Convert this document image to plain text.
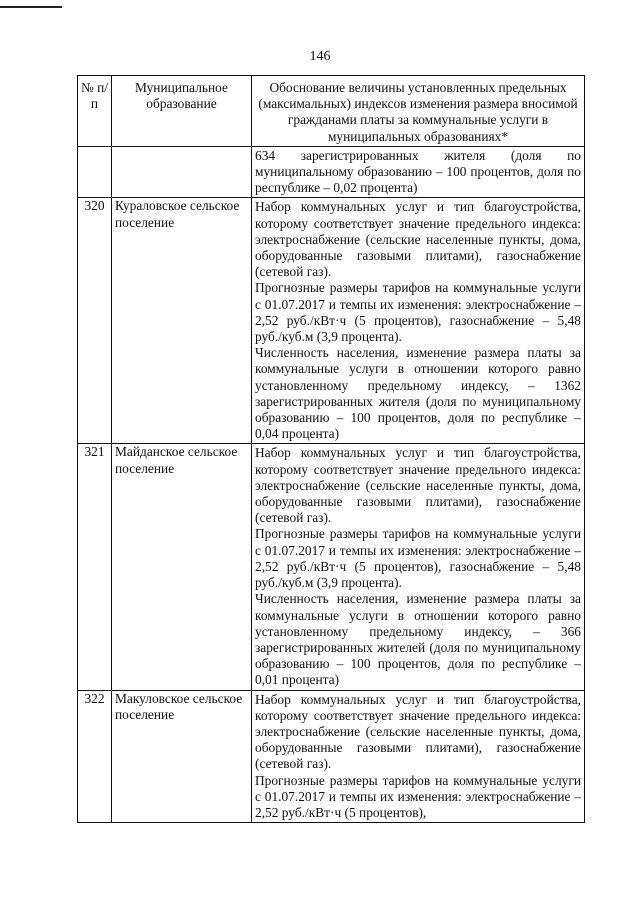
146
№ п/п	Муниципальное образование	Обоснование величины установленных предельных (максимальных) индексов изменения размера вносимой гражданами платы за коммунальные услуги в муниципальных образованиях*

		634 зарегистрированных жителя (доля по муниципальному образованию – 100 процентов, доля по республике – 0,02 процента)

320	Кураловское сельское поселение	Набор коммунальных услуг и тип благоустройства, которому соответствует значение предельного индекса: электроснабжение (сельские населенные пункты, дома, оборудованные газовыми плитами), газоснабжение (сетевой газ).

Прогнозные размеры тарифов на коммунальные услуги с 01.07.2017 и темпы их изменения: электроснабжение – 2,52 руб./кВт·ч (5 процентов), газоснабжение – 5,48 руб./куб.м (3,9 процента).

Численность населения, изменение размера платы за коммунальные услуги в отношении которого равно установленному предельному индексу, – 1362 зарегистрированных жителя (доля по муниципальному образованию – 100 процентов, доля по республике – 0,04 процента)

321	Майданское сельское поселение	Набор коммунальных услуг и тип благоустройства, которому соответствует значение предельного индекса: электроснабжение (сельские населенные пункты, дома, оборудованные газовыми плитами), газоснабжение (сетевой газ).

Прогнозные размеры тарифов на коммунальные услуги с 01.07.2017 и темпы их изменения: электроснабжение – 2,52 руб./кВт·ч (5 процентов), газоснабжение – 5,48 руб./куб.м (3,9 процента).

Численность населения, изменение размера платы за коммунальные услуги в отношении которого равно установленному предельному индексу, – 366 зарегистрированных жителей (доля по муниципальному образованию – 100 процентов, доля по республике – 0,01 процента)

322	Макуловское сельское поселение	Набор коммунальных услуг и тип благоустройства, которому соответствует значение предельного индекса: электроснабжение (сельские населенные пункты, дома, оборудованные газовыми плитами), газоснабжение (сетевой газ).

Прогнозные размеры тарифов на коммунальные услуги с 01.07.2017 и темпы их изменения: электроснабжение – 2,52 руб./кВт·ч (5 процентов),
